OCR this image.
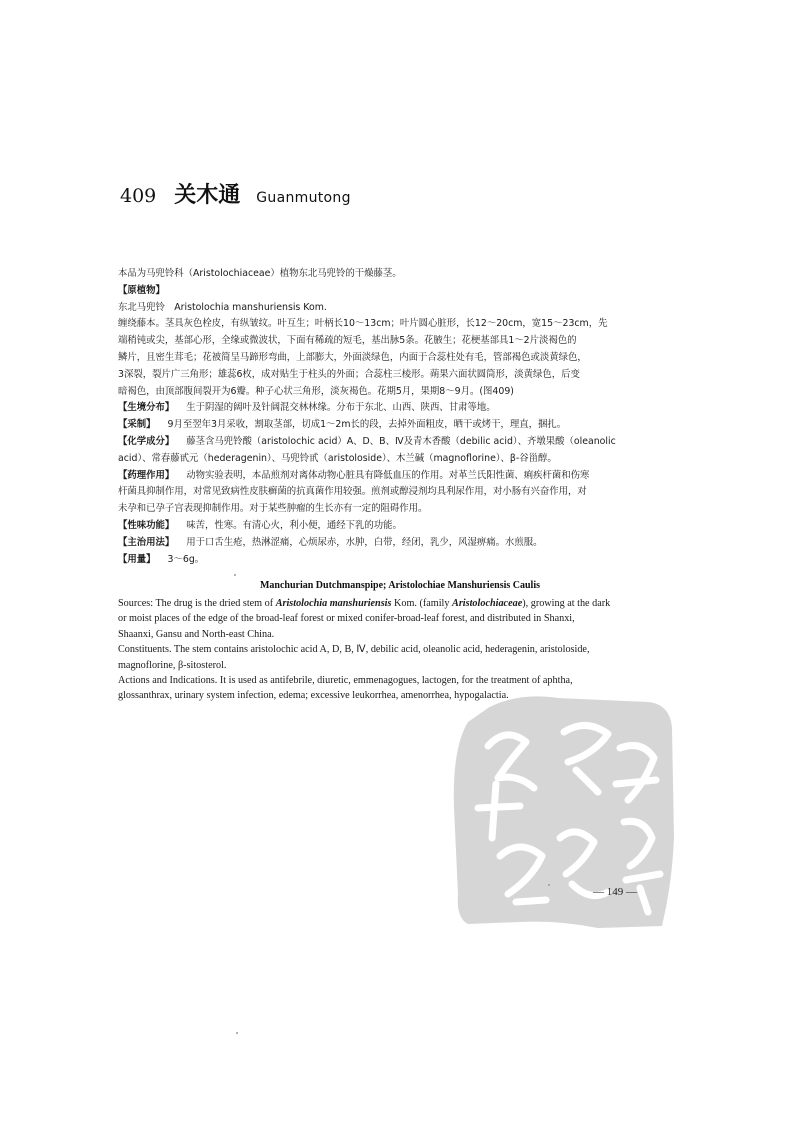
409 关木通 Guanmutong

本品为马兜铃科（Aristolochiaceae）植物东北马兜铃的干燥藤茎。

【原植物】

东北马兜铃　Aristolochia manshuriensis Kom.

缠绕藤本。茎具灰色栓皮，有纵皱纹。叶互生；叶柄长10～13cm；叶片圆心脏形，长12～20cm，宽15～23cm，先

端稍钝或尖，基部心形，全缘或微波状，下面有稀疏的短毛，基出脉5条。花腋生；花梗基部具1～2片淡褐色的

鳞片，且密生茸毛；花被简呈马蹄形弯曲，上部膨大，外面淡绿色，内面于合蕊柱处有毛，管部褐色或淡黄绿色，

3深裂，裂片广三角形；雄蕊6枚，成对贴生于柱头的外面；合蕊柱三棱形。蒴果六面状圆筒形，淡黄绿色，后变

暗褐色，由顶部腹间裂开为6瓣。种子心状三角形，淡灰褐色。花期5月，果期8～9月。(图409)

【生境分布】 生于阴湿的阔叶及针阔混交林林缘。分布于东北、山西、陕西、甘肃等地。

【采制】 9月至翌年3月采收，割取茎部，切成1～2m长的段，去掉外面粗皮，晒干或烤干，理直，捆扎。

【化学成分】 藤茎含马兜铃酸（aristolochic acid）A、D、B、Ⅳ及青木香酸（debilic acid）、齐墩果酸（oleanolic

acid）、常春藤甙元（hederagenin）、马兜铃甙（aristoloside）、木兰碱（magnoflorine）、β-谷甾醇。

【药理作用】 动物实验表明，本品煎剂对离体动物心脏具有降低血压的作用。对革兰氏阳性菌、痢疾杆菌和伤寒

杆菌具抑制作用，对常见致病性皮肤癣菌的抗真菌作用较强。煎剂或醇浸剂均具利尿作用，对小肠有兴奋作用，对

未孕和已孕子宫表现抑制作用。对于某些肿瘤的生长亦有一定的阻碍作用。

【性味功能】 味苦，性寒。有清心火，利小便，通经下乳的功能。

【主治用法】 用于口舌生疮，热淋涩痛，心烦尿赤，水肿，白带，经闭，乳少，风湿痹痛。水煎服。

【用量】 3～6g。

Manchurian Dutchmanspipe; Aristolochiae Manshuriensis Caulis

Sources: The drug is the dried stem of Aristolochia manshuriensis Kom. (family Aristolochiaceae), growing at the dark

or moist places of the edge of the broad-leaf forest or mixed conifer-broad-leaf forest, and distributed in Shanxi,

Shaanxi, Gansu and North-east China.

Constituents. The stem contains aristolochic acid A, D, B, Ⅳ, debilic acid, oleanolic acid, hederagenin, aristoloside,

magnoflorine, β-sitosterol.

Actions and Indications. It is used as antifebrile, diuretic, emmenagogues, lactogen, for the treatment of aphtha,

glossanthrax, urinary system infection, edema; excessive leukorrhea, amenorrhea, hypogalactia.

— 149 —
